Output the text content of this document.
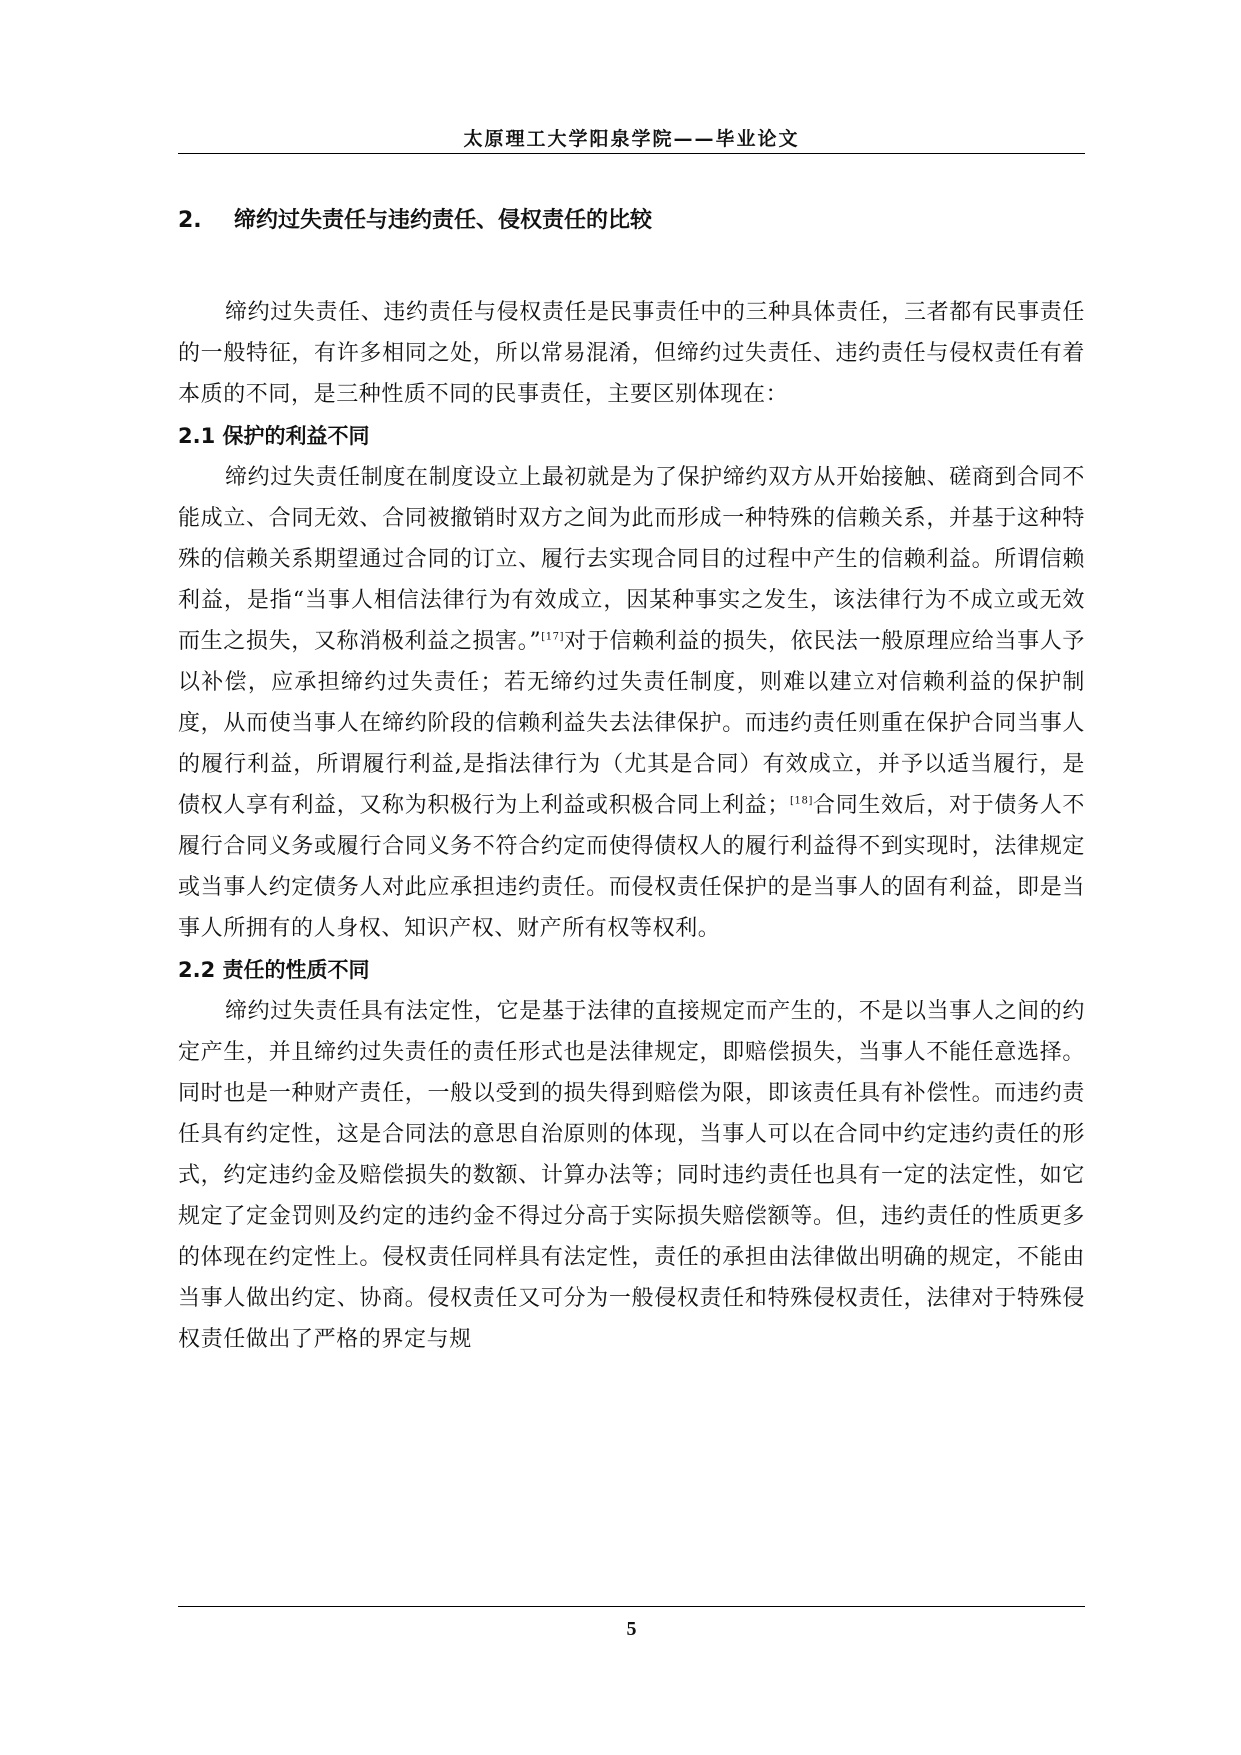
太原理工大学阳泉学院——毕业论文
2. 缔约过失责任与违约责任、侵权责任的比较

缔约过失责任、违约责任与侵权责任是民事责任中的三种具体责任，三者都有民事责任的一般特征，有许多相同之处，所以常易混淆，但缔约过失责任、违约责任与侵权责任有着本质的不同，是三种性质不同的民事责任，主要区别体现在：

2.1 保护的利益不同

缔约过失责任制度在制度设立上最初就是为了保护缔约双方从开始接触、磋商到合同不能成立、合同无效、合同被撤销时双方之间为此而形成一种特殊的信赖关系，并基于这种特殊的信赖关系期望通过合同的订立、履行去实现合同目的过程中产生的信赖利益。所谓信赖利益，是指“当事人相信法律行为有效成立，因某种事实之发生，该法律行为不成立或无效而生之损失，又称消极利益之损害。”[17]对于信赖利益的损失，依民法一般原理应给当事人予以补偿，应承担缔约过失责任；若无缔约过失责任制度，则难以建立对信赖利益的保护制度，从而使当事人在缔约阶段的信赖利益失去法律保护。而违约责任则重在保护合同当事人的履行利益，所谓履行利益,是指法律行为（尤其是合同）有效成立，并予以适当履行，是债权人享有利益，又称为积极行为上利益或积极合同上利益；[18]合同生效后，对于债务人不履行合同义务或履行合同义务不符合约定而使得债权人的履行利益得不到实现时，法律规定或当事人约定债务人对此应承担违约责任。而侵权责任保护的是当事人的固有利益，即是当事人所拥有的人身权、知识产权、财产所有权等权利。

2.2 责任的性质不同

缔约过失责任具有法定性，它是基于法律的直接规定而产生的，不是以当事人之间的约定产生，并且缔约过失责任的责任形式也是法律规定，即赔偿损失，当事人不能任意选择。同时也是一种财产责任，一般以受到的损失得到赔偿为限，即该责任具有补偿性。而违约责任具有约定性，这是合同法的意思自治原则的体现，当事人可以在合同中约定违约责任的形式，约定违约金及赔偿损失的数额、计算办法等；同时违约责任也具有一定的法定性，如它规定了定金罚则及约定的违约金不得过分高于实际损失赔偿额等。但，违约责任的性质更多的体现在约定性上。侵权责任同样具有法定性，责任的承担由法律做出明确的规定，不能由当事人做出约定、协商。侵权责任又可分为一般侵权责任和特殊侵权责任，法律对于特殊侵权责任做出了严格的界定与规

5
